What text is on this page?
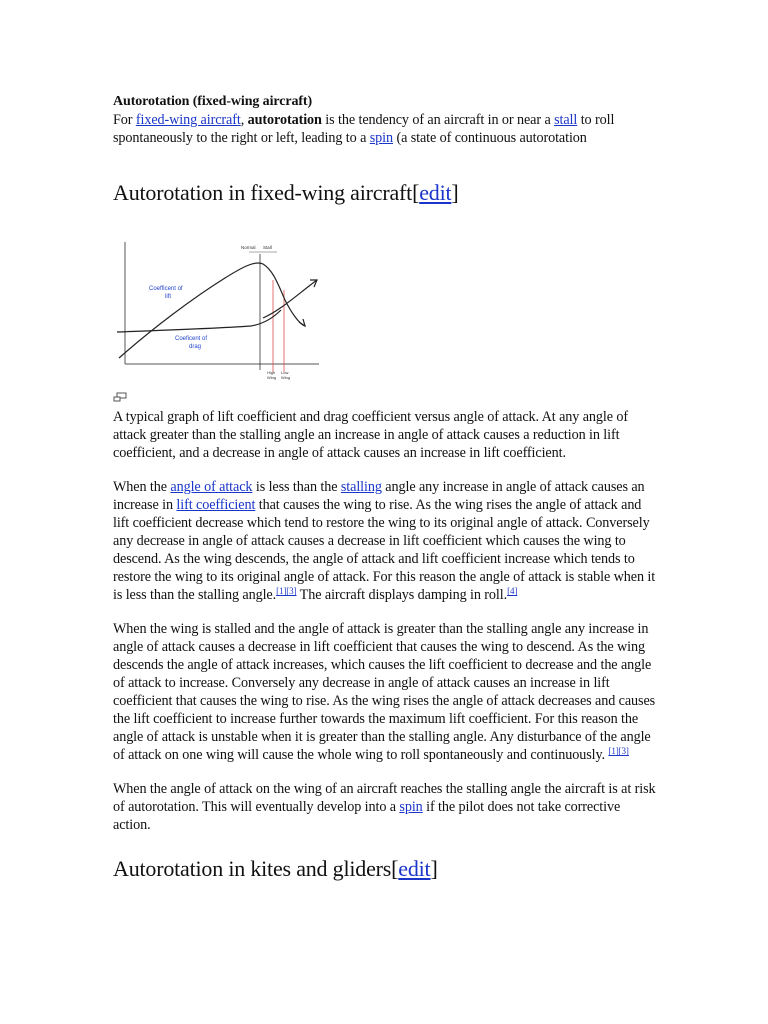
Autorotation (fixed-wing aircraft)

For fixed-wing aircraft, autorotation is the tendency of an aircraft in or near a stall to roll spontaneously to the right or left, leading to a spin (a state of continuous autorotation

Autorotation in fixed-wing aircraft[edit]
Normal Stall
Coefficent of lift
Coeficent of drag
High Wing
Low Wing

A typical graph of lift coefficient and drag coefficient versus angle of attack. At any angle of attack greater than the stalling angle an increase in angle of attack causes a reduction in lift coefficient, and a decrease in angle of attack causes an increase in lift coefficient.

When the angle of attack is less than the stalling angle any increase in angle of attack causes an increase in lift coefficient that causes the wing to rise. As the wing rises the angle of attack and lift coefficient decrease which tend to restore the wing to its original angle of attack. Conversely any decrease in angle of attack causes a decrease in lift coefficient which causes the wing to descend. As the wing descends, the angle of attack and lift coefficient increase which tends to restore the wing to its original angle of attack. For this reason the angle of attack is stable when it is less than the stalling angle.[1][3] The aircraft displays damping in roll.[4]

When the wing is stalled and the angle of attack is greater than the stalling angle any increase in angle of attack causes a decrease in lift coefficient that causes the wing to descend. As the wing descends the angle of attack increases, which causes the lift coefficient to decrease and the angle of attack to increase. Conversely any decrease in angle of attack causes an increase in lift coefficient that causes the wing to rise. As the wing rises the angle of attack decreases and causes the lift coefficient to increase further towards the maximum lift coefficient. For this reason the angle of attack is unstable when it is greater than the stalling angle. Any disturbance of the angle of attack on one wing will cause the whole wing to roll spontaneously and continuously. [1][3]

When the angle of attack on the wing of an aircraft reaches the stalling angle the aircraft is at risk of autorotation. This will eventually develop into a spin if the pilot does not take corrective action.

Autorotation in kites and gliders[edit]
